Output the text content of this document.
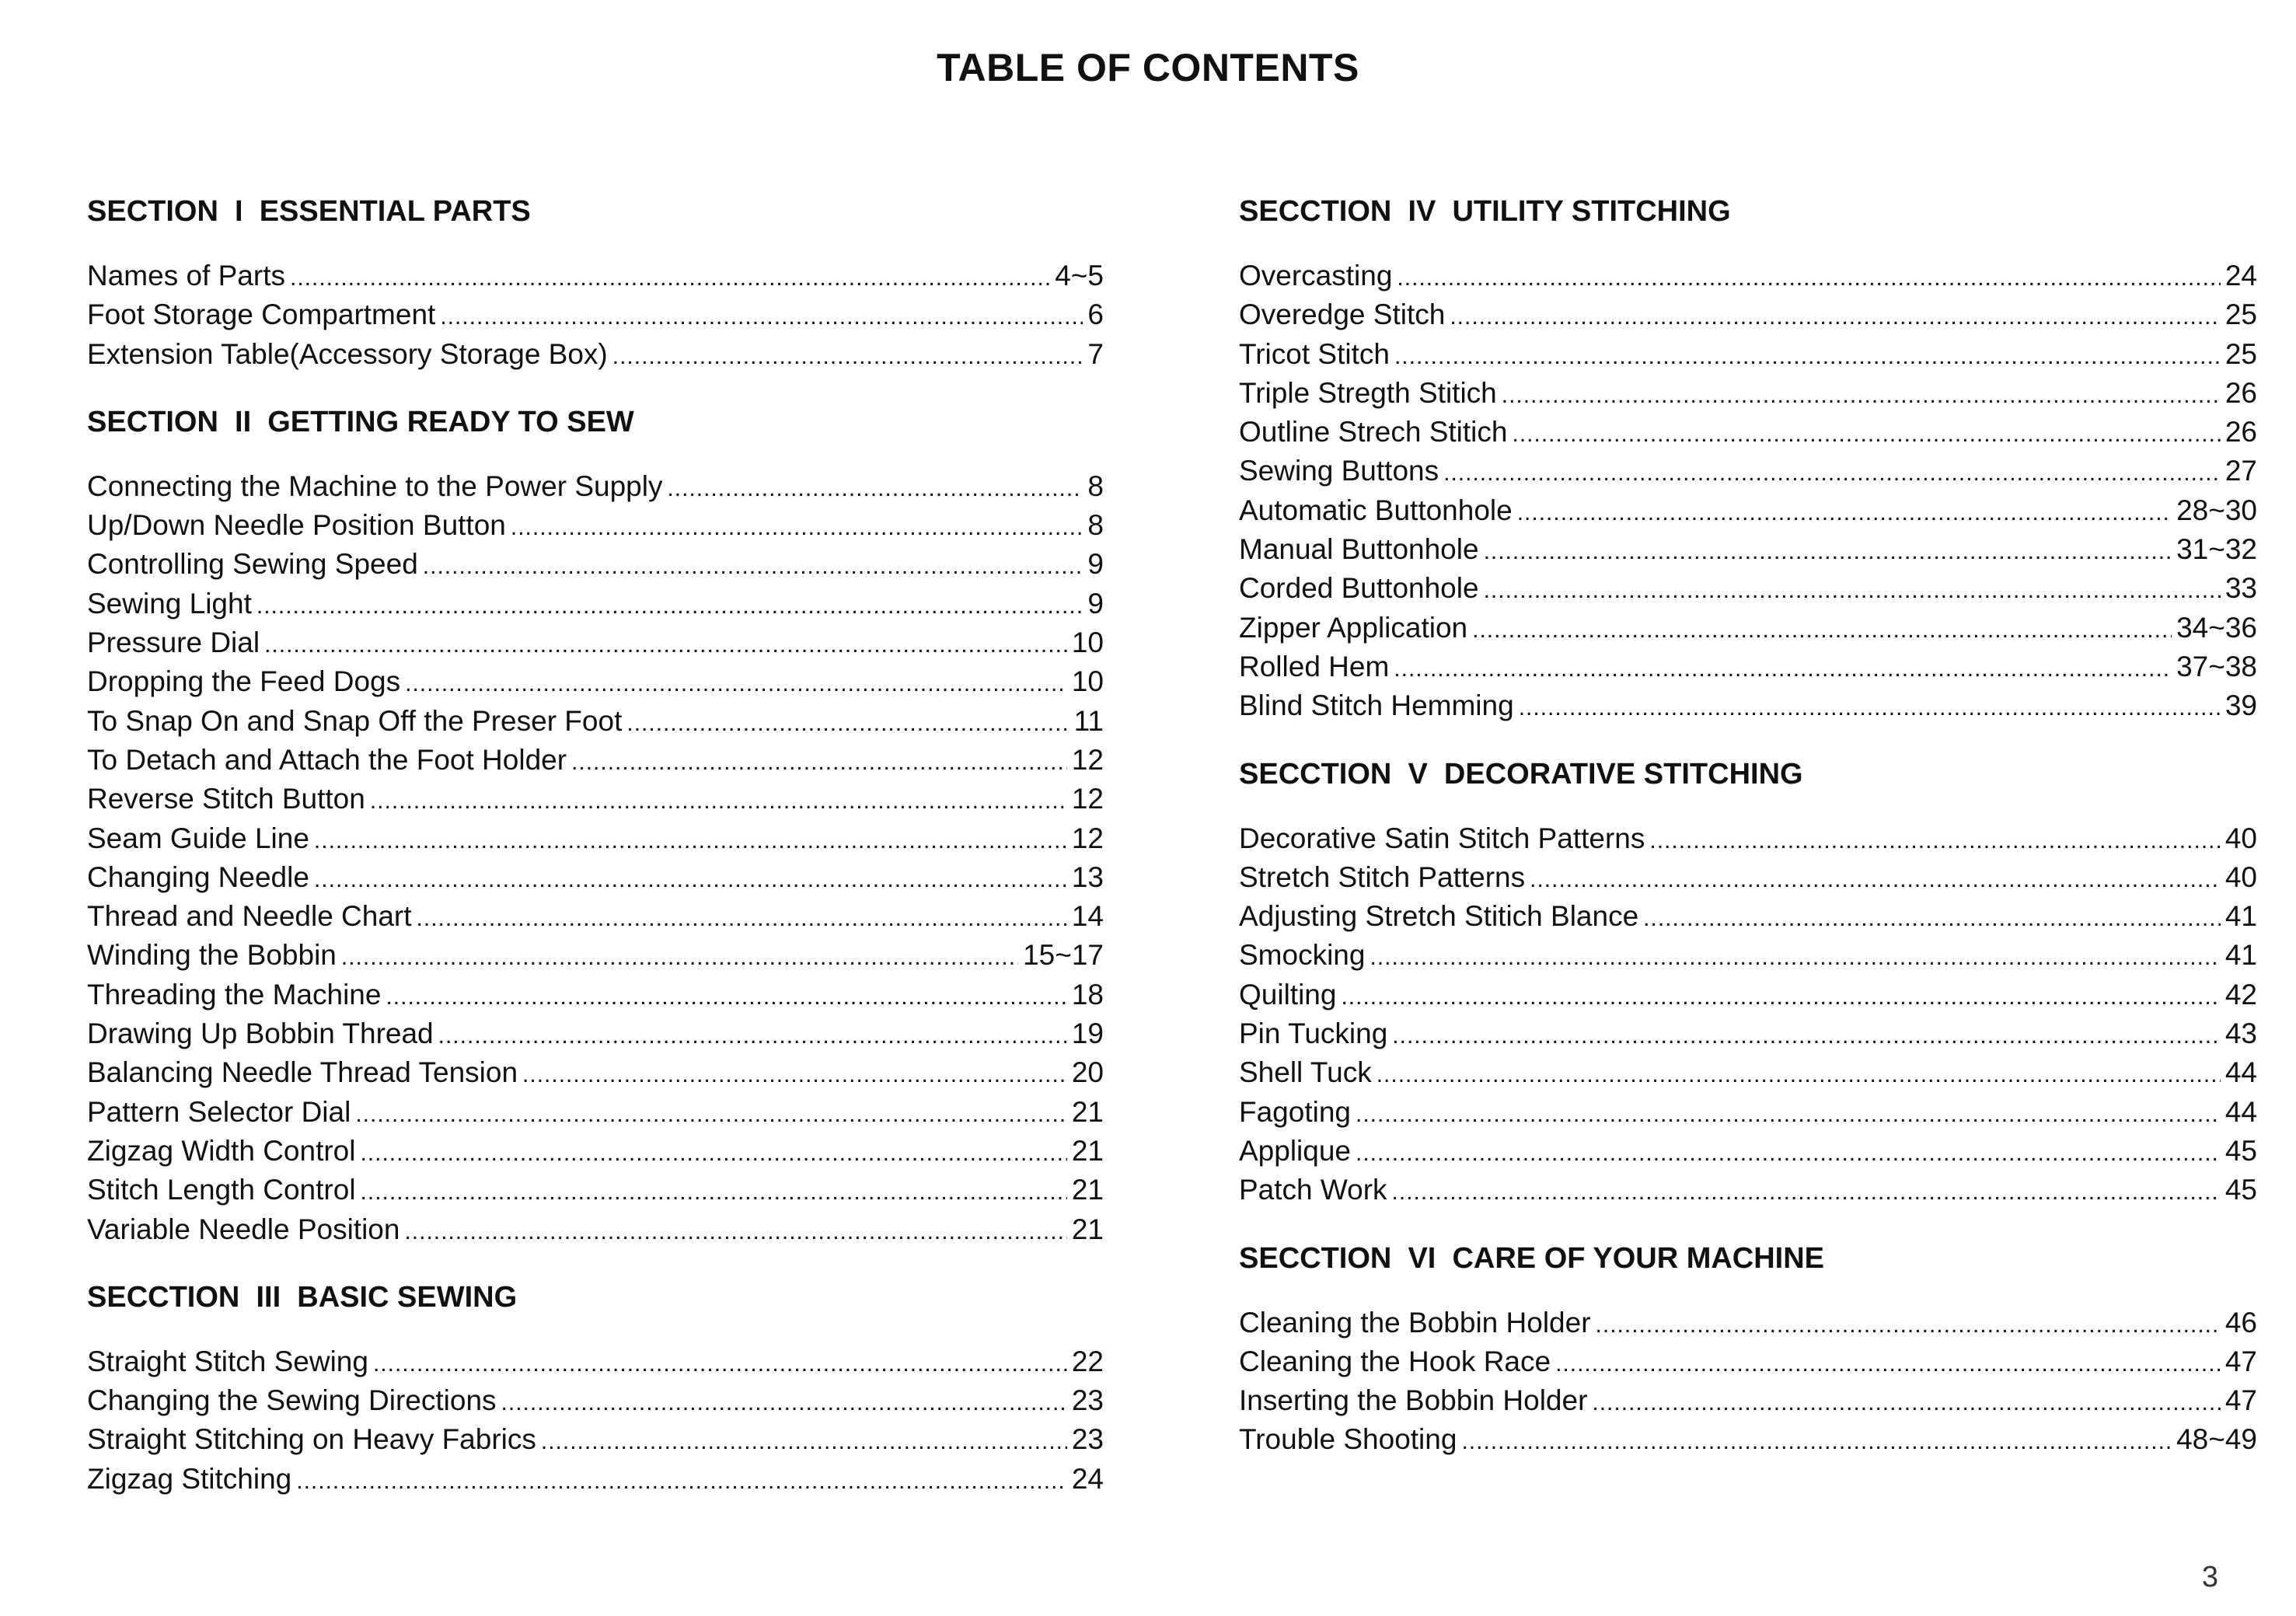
TABLE OF CONTENTS
SECTION  I  ESSENTIAL PARTS
Names of Parts .....	4~5
Foot Storage Compartment .....	6
Extension Table(Accessory Storage Box) .....	7
SECTION  II  GETTING READY TO SEW
Connecting the Machine to the Power Supply .....	8
Up/Down Needle Position Button .....	8
Controlling Sewing Speed .....	9
Sewing Light .....	9
Pressure Dial .....	10
Dropping the Feed Dogs .....	10
To Snap On and Snap Off the Preser Foot .....	11
To Detach and Attach the Foot Holder .....	12
Reverse Stitch Button .....	12
Seam Guide Line .....	12
Changing Needle .....	13
Thread and Needle Chart .....	14
Winding the Bobbin .....	15~17
Threading the Machine .....	18
Drawing Up Bobbin Thread .....	19
Balancing Needle Thread Tension .....	20
Pattern Selector Dial .....	21
Zigzag Width Control .....	21
Stitch Length Control .....	21
Variable Needle Position .....	21
SECCTION  III  BASIC SEWING
Straight Stitch Sewing .....	22
Changing the Sewing Directions .....	23
Straight Stitching on Heavy Fabrics .....	23
Zigzag Stitching .....	24
SECCTION  IV  UTILITY STITCHING
Overcasting .....	24
Overedge Stitch .....	25
Tricot Stitch .....	25
Triple Stregth Stitich .....	26
Outline Strech Stitich .....	26
Sewing Buttons .....	27
Automatic Buttonhole .....	28~30
Manual Buttonhole .....	31~32
Corded Buttonhole .....	33
Zipper Application .....	34~36
Rolled Hem .....	37~38
Blind Stitch Hemming .....	39
SECCTION  V  DECORATIVE STITCHING
Decorative Satin Stitch Patterns .....	40
Stretch Stitch Patterns .....	40
Adjusting Stretch Stitich Blance .....	41
Smocking .....	41
Quilting .....	42
Pin Tucking .....	43
Shell Tuck .....	44
Fagoting .....	44
Applique .....	45
Patch Work .....	45
SECCTION  VI  CARE OF YOUR MACHINE
Cleaning the Bobbin Holder .....	46
Cleaning the Hook Race .....	47
Inserting the Bobbin Holder .....	47
Trouble Shooting .....	48~49
3
